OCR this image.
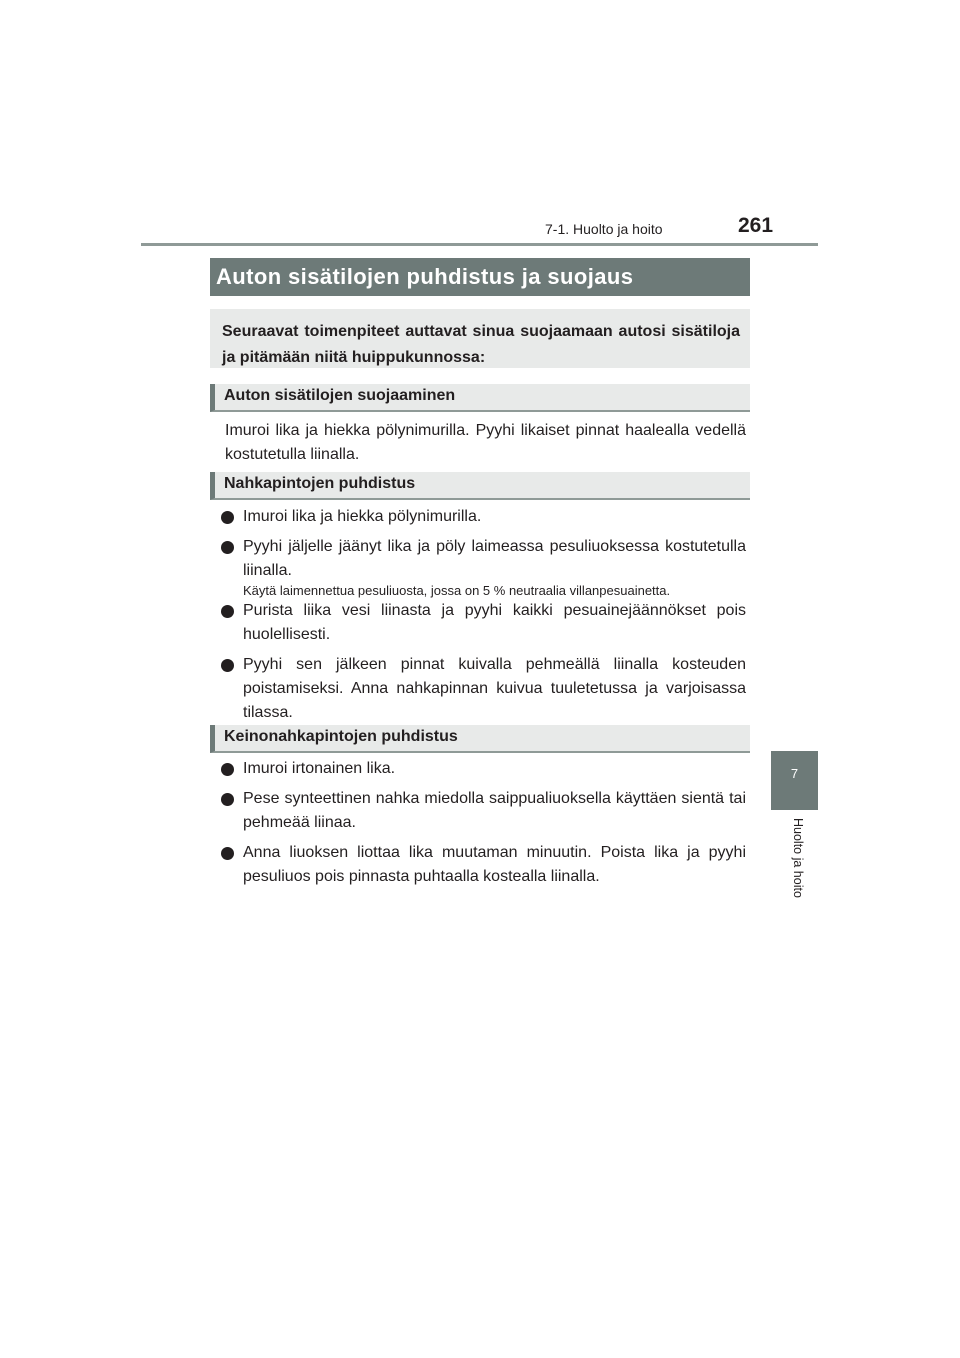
7-1. Huolto ja hoito	261
7
Huolto ja hoito
Auton sisätilojen puhdistus ja suojaus
Seuraavat toimenpiteet auttavat sinua suojaamaan autosi sisätiloja ja pitämään niitä huippukunnossa:
Auton sisätilojen suojaaminen

Imuroi lika ja hiekka pölynimurilla. Pyyhi likaiset pinnat haalealla vedellä kostutetulla liinalla.

Nahkapintojen puhdistus
Imuroi lika ja hiekka pölynimurilla.
Pyyhi jäljelle jäänyt lika ja pöly laimeassa pesuliuoksessa kostutetulla liinalla.
Käytä laimennettua pesuliuosta, jossa on 5 % neutraalia villanpesuainetta.
Purista liika vesi liinasta ja pyyhi kaikki pesuainejäännökset pois huolellisesti.
Pyyhi sen jälkeen pinnat kuivalla pehmeällä liinalla kosteuden poistamiseksi. Anna nahkapinnan kuivua tuuletetussa ja varjoisassa tilassa.
Keinonahkapintojen puhdistus
Imuroi irtonainen lika.
Pese synteettinen nahka miedolla saippualiuoksella käyttäen sientä tai pehmeää liinaa.
Anna liuoksen liottaa lika muutaman minuutin. Poista lika ja pyyhi pesuliuos pois pinnasta puhtaalla kostealla liinalla.
